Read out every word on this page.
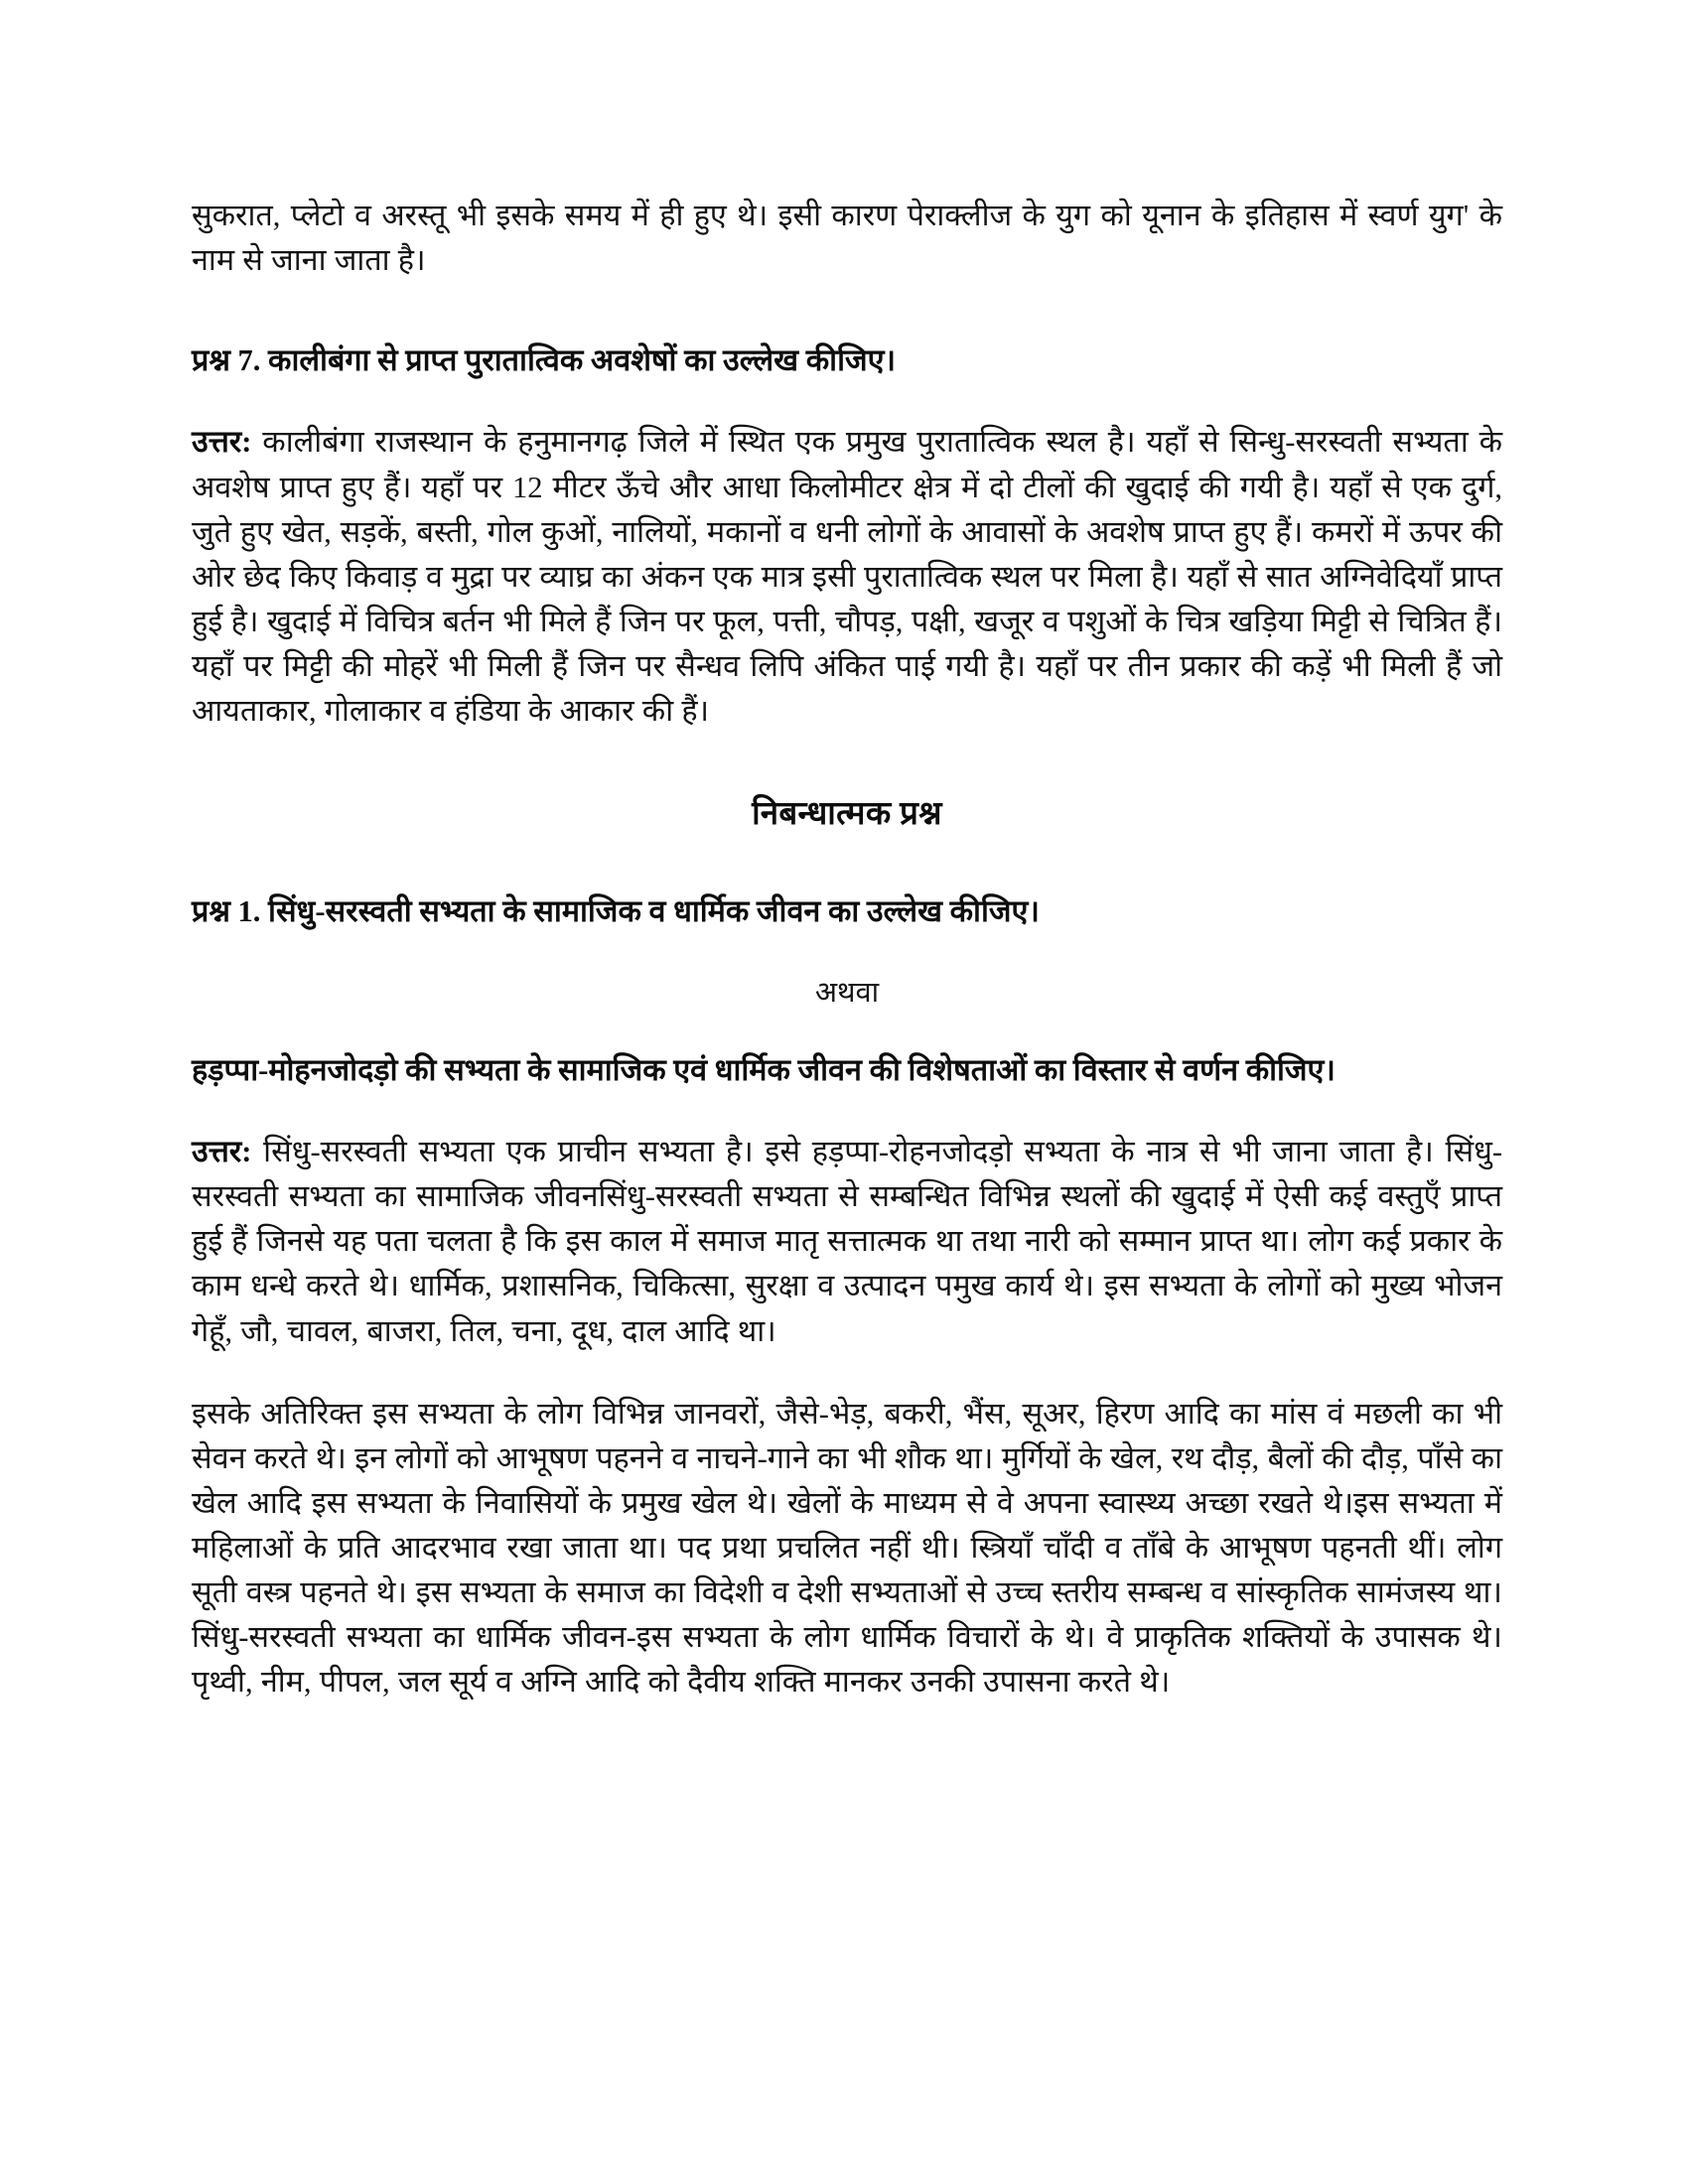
सुकरात, प्लेटो व अरस्तू भी इसके समय में ही हुए थे। इसी कारण पेराक्लीज के युग को यूनान के इतिहास में स्वर्ण युग' के नाम से जाना जाता है।

प्रश्न 7. कालीबंगा से प्राप्त पुरातात्विक अवशेषों का उल्लेख कीजिए।

उत्तर: कालीबंगा राजस्थान के हनुमानगढ़ जिले में स्थित एक प्रमुख पुरातात्विक स्थल है। यहाँ से सिन्धु-सरस्वती सभ्यता के अवशेष प्राप्त हुए हैं। यहाँ पर 12 मीटर ऊँचे और आधा किलोमीटर क्षेत्र में दो टीलों की खुदाई की गयी है। यहाँ से एक दुर्ग, जुते हुए खेत, सड़कें, बस्ती, गोल कुओं, नालियों, मकानों व धनी लोगों के आवासों के अवशेष प्राप्त हुए हैं। कमरों में ऊपर की ओर छेद किए किवाड़ व मुद्रा पर व्याघ्र का अंकन एक मात्र इसी पुरातात्विक स्थल पर मिला है। यहाँ से सात अग्निवेदियाँ प्राप्त हुई है। खुदाई में विचित्र बर्तन भी मिले हैं जिन पर फूल, पत्ती, चौपड़, पक्षी, खजूर व पशुओं के चित्र खड़िया मिट्टी से चित्रित हैं। यहाँ पर मिट्टी की मोहरें भी मिली हैं जिन पर सैन्धव लिपि अंकित पाई गयी है। यहाँ पर तीन प्रकार की कड़ें भी मिली हैं जो आयताकार, गोलाकार व हंडिया के आकार की हैं।

निबन्धात्मक प्रश्न

प्रश्न 1. सिंधु-सरस्वती सभ्यता के सामाजिक व धार्मिक जीवन का उल्लेख कीजिए।

अथवा

हड़प्पा-मोहनजोदड़ो की सभ्यता के सामाजिक एवं धार्मिक जीवन की विशेषताओं का विस्तार से वर्णन कीजिए।

उत्तर: सिंधु-सरस्वती सभ्यता एक प्राचीन सभ्यता है। इसे हड़प्पा-रोहनजोदड़ो सभ्यता के नात्र से भी जाना जाता है। सिंधु-सरस्वती सभ्यता का सामाजिक जीवनसिंधु-सरस्वती सभ्यता से सम्बन्धित विभिन्न स्थलों की खुदाई में ऐसी कई वस्तुएँ प्राप्त हुई हैं जिनसे यह पता चलता है कि इस काल में समाज मातृ सत्तात्मक था तथा नारी को सम्मान प्राप्त था। लोग कई प्रकार के काम धन्धे करते थे। धार्मिक, प्रशासनिक, चिकित्सा, सुरक्षा व उत्पादन पमुख कार्य थे। इस सभ्यता के लोगों को मुख्य भोजन गेहूँ, जौ, चावल, बाजरा, तिल, चना, दूध, दाल आदि था।

इसके अतिरिक्त इस सभ्यता के लोग विभिन्न जानवरों, जैसे-भेड़, बकरी, भैंस, सूअर, हिरण आदि का मांस वं मछली का भी सेवन करते थे। इन लोगों को आभूषण पहनने व नाचने-गाने का भी शौक था। मुर्गियों के खेल, रथ दौड़, बैलों की दौड़, पाँसे का खेल आदि इस सभ्यता के निवासियों के प्रमुख खेल थे। खेलों के माध्यम से वे अपना स्वास्थ्य अच्छा रखते थे।इस सभ्यता में महिलाओं के प्रति आदरभाव रखा जाता था। पद प्रथा प्रचलित नहीं थी। स्त्रियाँ चाँदी व ताँबे के आभूषण पहनती थीं। लोग सूती वस्त्र पहनते थे। इस सभ्यता के समाज का विदेशी व देशी सभ्यताओं से उच्च स्तरीय सम्बन्ध व सांस्कृतिक सामंजस्य था। सिंधु-सरस्वती सभ्यता का धार्मिक जीवन-इस सभ्यता के लोग धार्मिक विचारों के थे। वे प्राकृतिक शक्तियों के उपासक थे। पृथ्वी, नीम, पीपल, जल सूर्य व अग्नि आदि को दैवीय शक्ति मानकर उनकी उपासना करते थे।
